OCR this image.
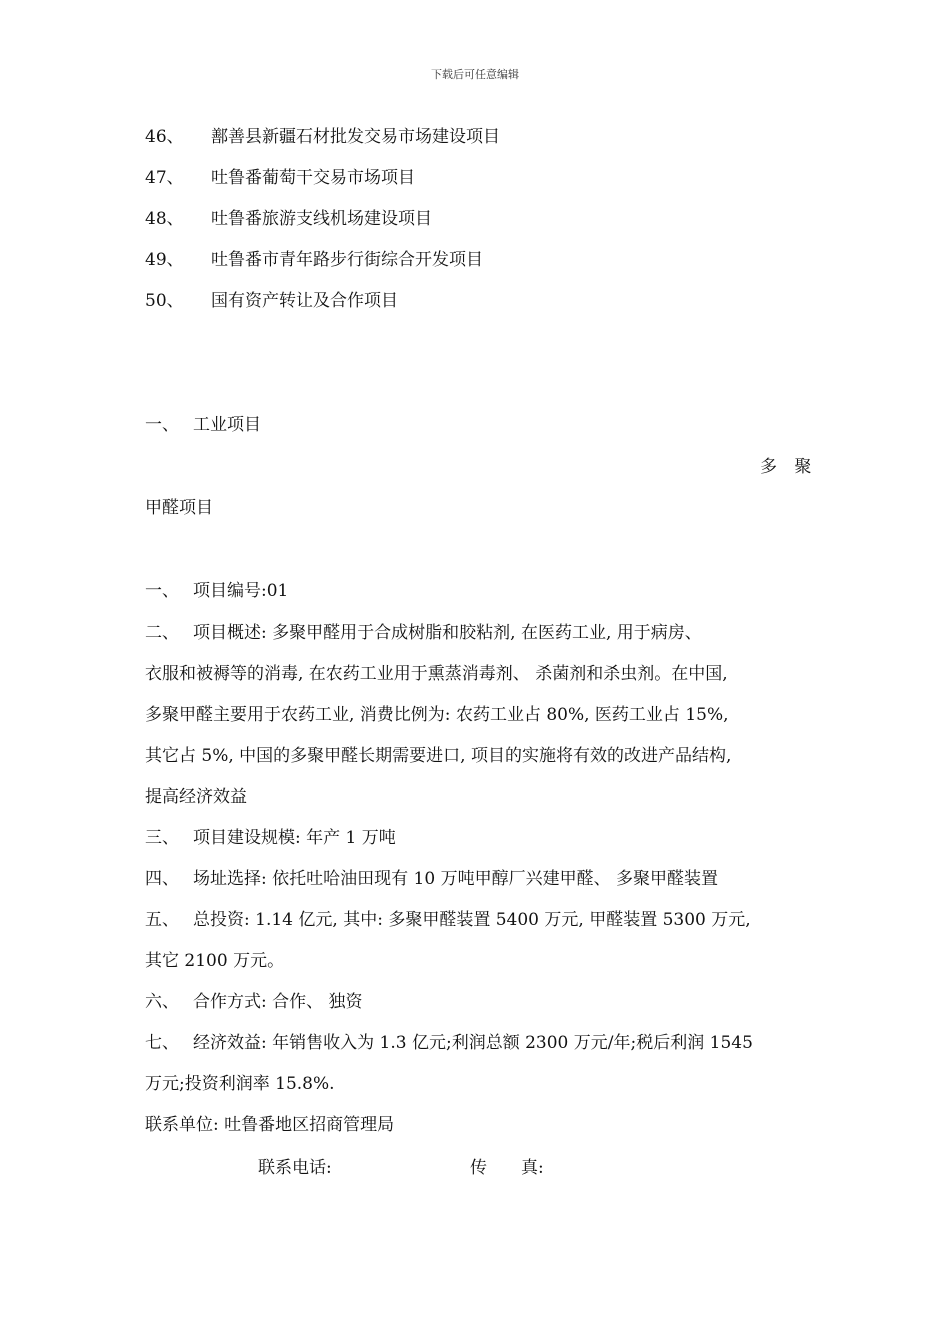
下载后可任意编辑
46、 鄯善县新疆石材批发交易市场建设项目
47、 吐鲁番葡萄干交易市场项目
48、 吐鲁番旅游支线机场建设项目
49、 吐鲁番市青年路步行街综合开发项目
50、 国有资产转让及合作项目
一、 工业项目
多 聚
甲醛项目
一、 项目编号:01
二、 项目概述: 多聚甲醛用于合成树脂和胶粘剂, 在医药工业, 用于病房、
衣服和被褥等的消毒, 在农药工业用于熏蒸消毒剂、 杀菌剂和杀虫剂。在中国,
多聚甲醛主要用于农药工业, 消费比例为: 农药工业占 80%, 医药工业占 15%,
其它占 5%, 中国的多聚甲醛长期需要进口, 项目的实施将有效的改进产品结构,
提高经济效益
三、 项目建设规模: 年产 1 万吨
四、 场址选择: 依托吐哈油田现有 10 万吨甲醇厂兴建甲醛、 多聚甲醛装置
五、 总投资: 1.14 亿元, 其中: 多聚甲醛装置 5400 万元, 甲醛装置 5300 万元,
其它 2100 万元。
六、 合作方式: 合作、 独资
七、 经济效益: 年销售收入为 1.3 亿元;利润总额 2300 万元/年;税后利润 1545
万元;投资利润率 15.8%.
联系单位: 吐鲁番地区招商管理局
联系电话:	传　　真:
